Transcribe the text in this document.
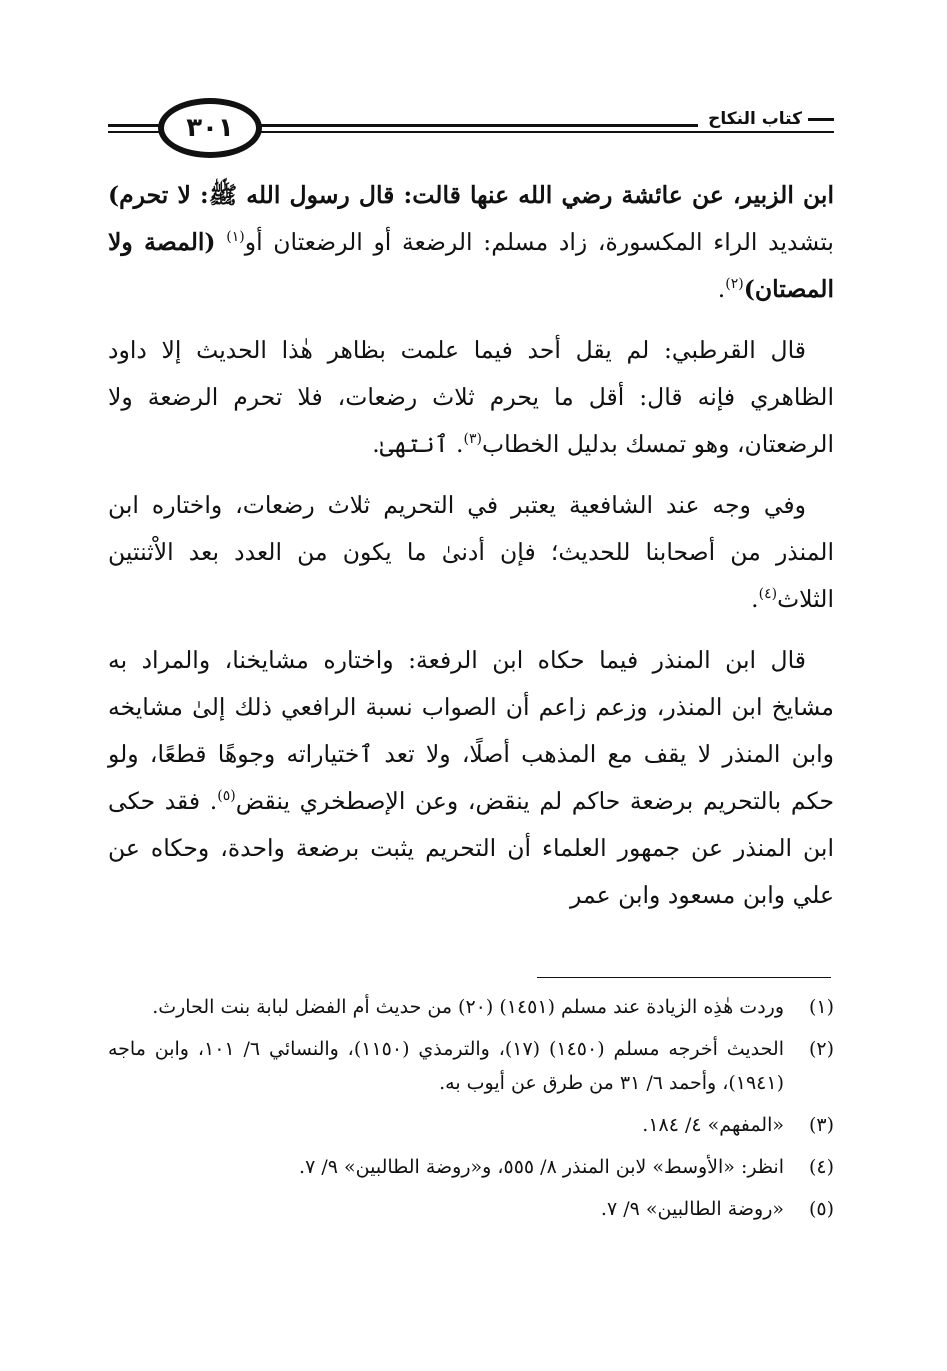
٣٠١	كتاب النكاح

ابن الزبير، عن عائشة رضي الله عنها قالت: قال رسول الله ﷺ: لا تحرم) بتشديد الراء المكسورة، زاد مسلم: الرضعة أو الرضعتان أو$^{(١)}$ (المصة ولا المصتان)$^{(٢)}$.

قال القرطبي: لم يقل أحد فيما علمت بظاهر هٰذا الحديث إلا داود الظاهري فإنه قال: أقل ما يحرم ثلاث رضعات، فلا تحرم الرضعة ولا الرضعتان، وهو تمسك بدليل الخطاب$^{(٣)}$. ٱنتهىٰ.

وفي وجه عند الشافعية يعتبر في التحريم ثلاث رضعات، واختاره ابن المنذر من أصحابنا للحديث؛ فإن أدنىٰ ما يكون من العدد بعد الاْثنتين الثلاث$^{(٤)}$.

قال ابن المنذر فيما حكاه ابن الرفعة: واختاره مشايخنا، والمراد به مشايخ ابن المنذر، وزعم زاعم أن الصواب نسبة الرافعي ذلك إلىٰ مشايخه وابن المنذر لا يقف مع المذهب أصلًا، ولا تعد ٱختياراته وجوهًا قطعًا، ولو حكم بالتحريم برضعة حاكم لم ينقض، وعن الإصطخري ينقض$^{(٥)}$. فقد حكى ابن المنذر عن جمهور العلماء أن التحريم يثبت برضعة واحدة، وحكاه عن علي وابن مسعود وابن عمر

(١)
وردت هٰذِه الزيادة عند مسلم (١٤٥١) (٢٠) من حديث أم الفضل لبابة بنت الحارث.
(٢)
الحديث أخرجه مسلم (١٤٥٠) (١٧)، والترمذي (١١٥٠)، والنسائي ٦/ ١٠١، وابن ماجه (١٩٤١)، وأحمد ٦/ ٣١ من طرق عن أيوب به.
(٣)
«المفهم» ٤/ ١٨٤.
(٤)
انظر: «الأوسط» لابن المنذر ٨/ ٥٥٥، و«روضة الطالبين» ٩/ ٧.
(٥)
«روضة الطالبين» ٩/ ٧.
